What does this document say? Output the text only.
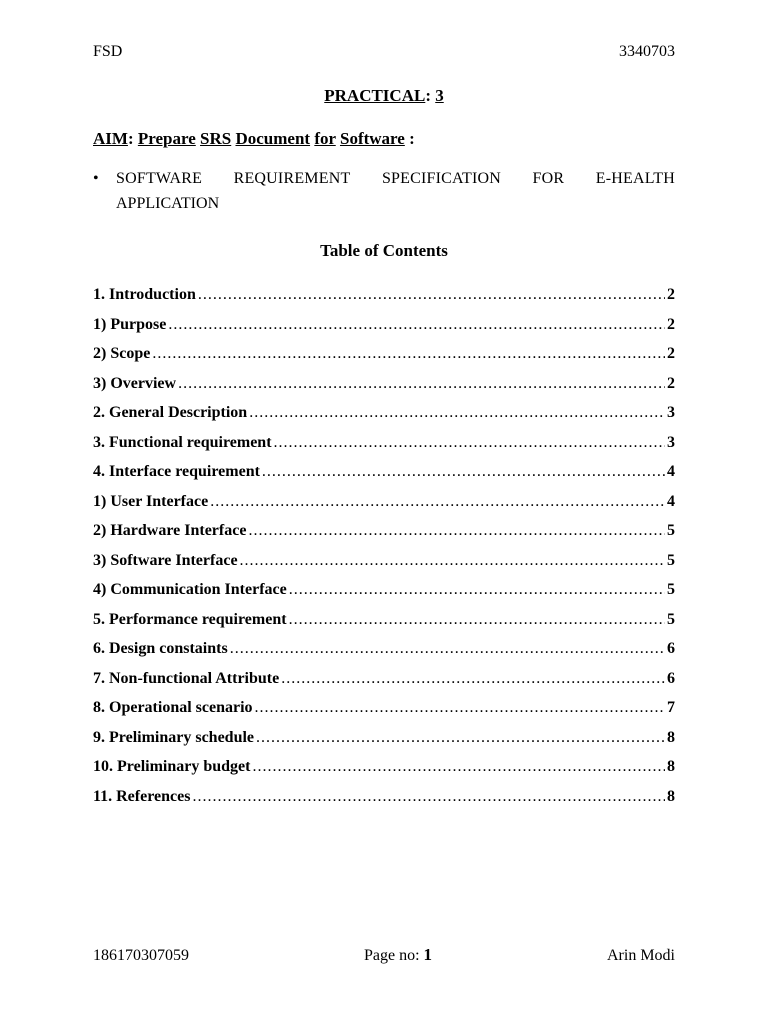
FSD	3340703
PRACTICAL: 3
AIM: Prepare SRS Document for Software :
• SOFTWARE REQUIREMENT SPECIFICATION FOR E-HEALTH
APPLICATION
Table of Contents
1. Introduction .....	2
1) Purpose .....	2
2) Scope .....	2
3) Overview .....	2
2. General Description .....	3
3. Functional requirement .....	3
4. Interface requirement .....	4
1) User Interface .....	4
2) Hardware Interface .....	5
3) Software Interface .....	5
4) Communication Interface .....	5
5. Performance requirement .....	5
6. Design constaints .....	6
7. Non-functional Attribute .....	6
8. Operational scenario .....	7
9. Preliminary schedule .....	8
10. Preliminary budget .....	8
11. References .....	8
186170307059	Page no: 1	Arin Modi
